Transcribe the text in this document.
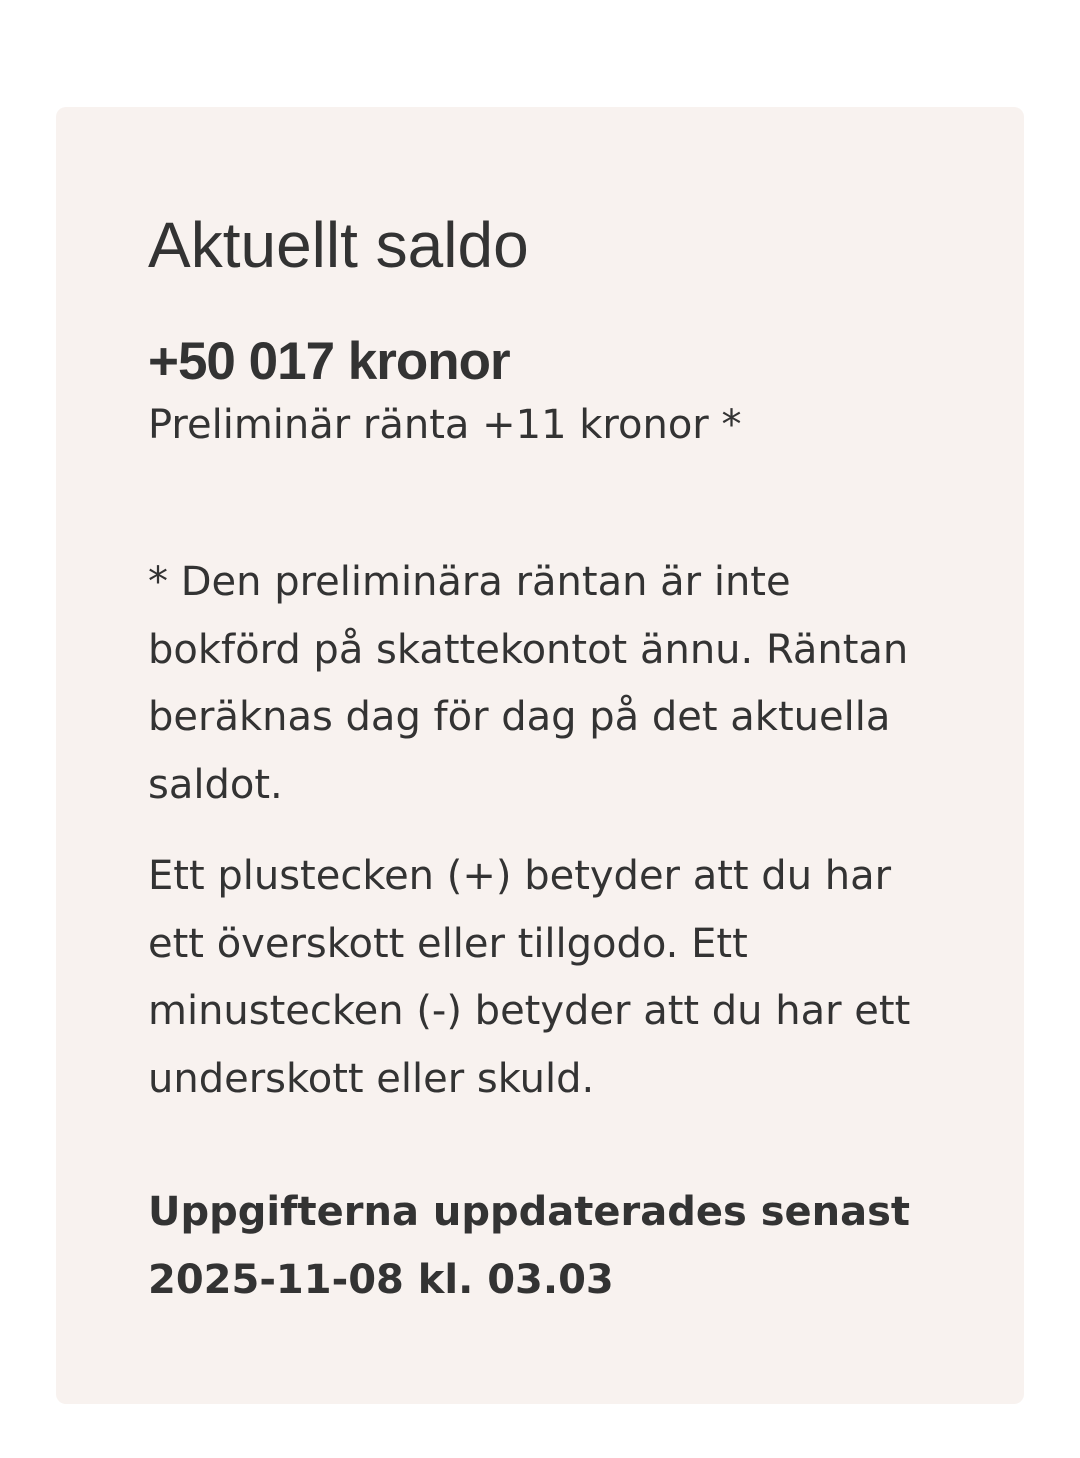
Aktuellt saldo
+50 017 kronor
Preliminär ränta +11 kronor *

* Den preliminära räntan är inte bokförd på skattekontot ännu. Räntan beräknas dag för dag på det aktuella saldot.

Ett plustecken (+) betyder att du har ett överskott eller tillgodo. Ett minustecken (-) betyder att du har ett underskott eller skuld.

Uppgifterna uppdaterades senast 2025-11-08 kl. 03.03
